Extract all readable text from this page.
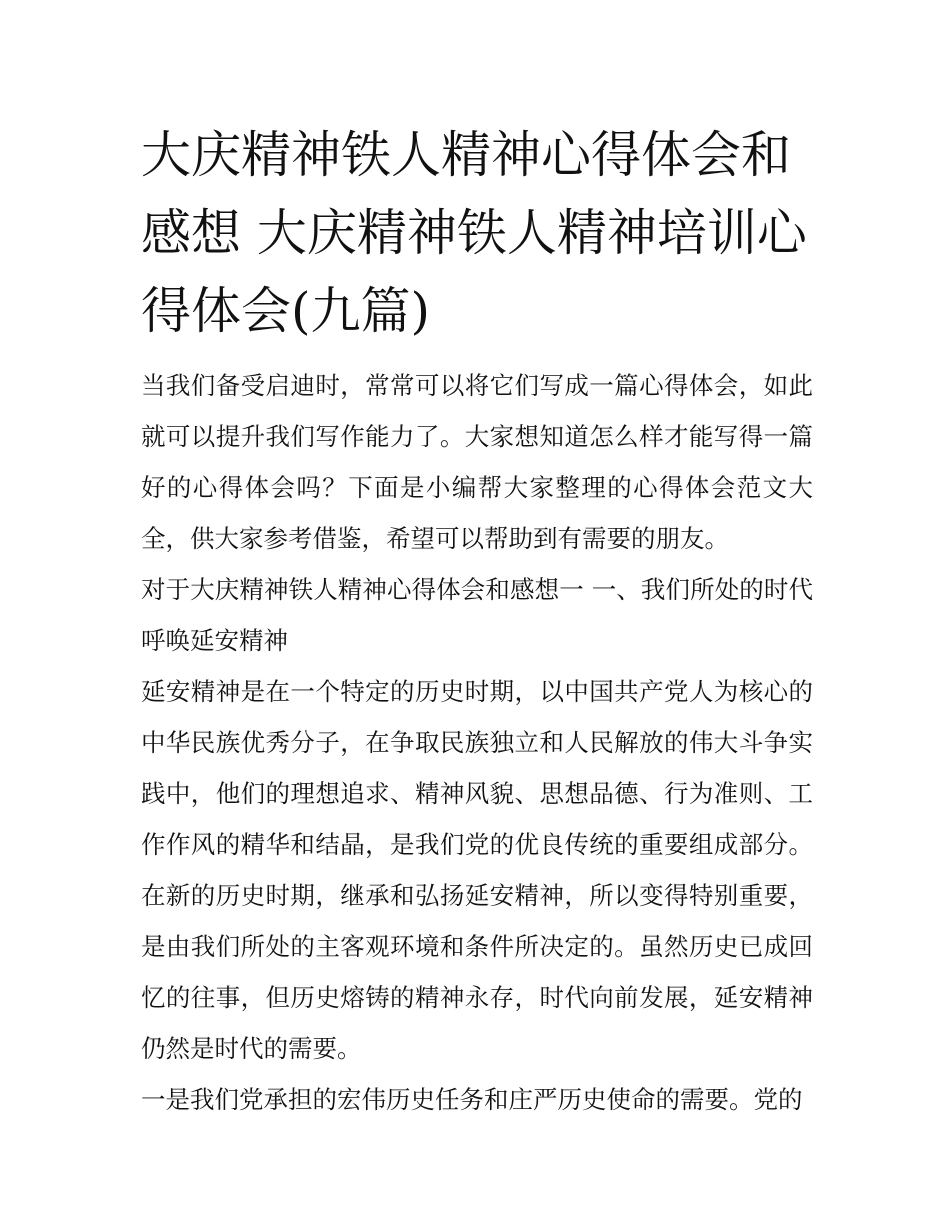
大庆精神铁人精神心得体会和感想 大庆精神铁人精神培训心得体会(九篇)

当我们备受启迪时，常常可以将它们写成一篇心得体会，如此就可以提升我们写作能力了。大家想知道怎么样才能写得一篇好的心得体会吗？下面是小编帮大家整理的心得体会范文大全，供大家参考借鉴，希望可以帮助到有需要的朋友。

对于大庆精神铁人精神心得体会和感想一 一、我们所处的时代呼唤延安精神

延安精神是在一个特定的历史时期，以中国共产党人为核心的中华民族优秀分子，在争取民族独立和人民解放的伟大斗争实践中，他们的理想追求、精神风貌、思想品德、行为准则、工作作风的精华和结晶，是我们党的优良传统的重要组成部分。在新的历史时期，继承和弘扬延安精神，所以变得特别重要，是由我们所处的主客观环境和条件所决定的。虽然历史已成回忆的往事，但历史熔铸的精神永存，时代向前发展，延安精神仍然是时代的需要。

一是我们党承担的宏伟历史任务和庄严历史使命的需要。党的
